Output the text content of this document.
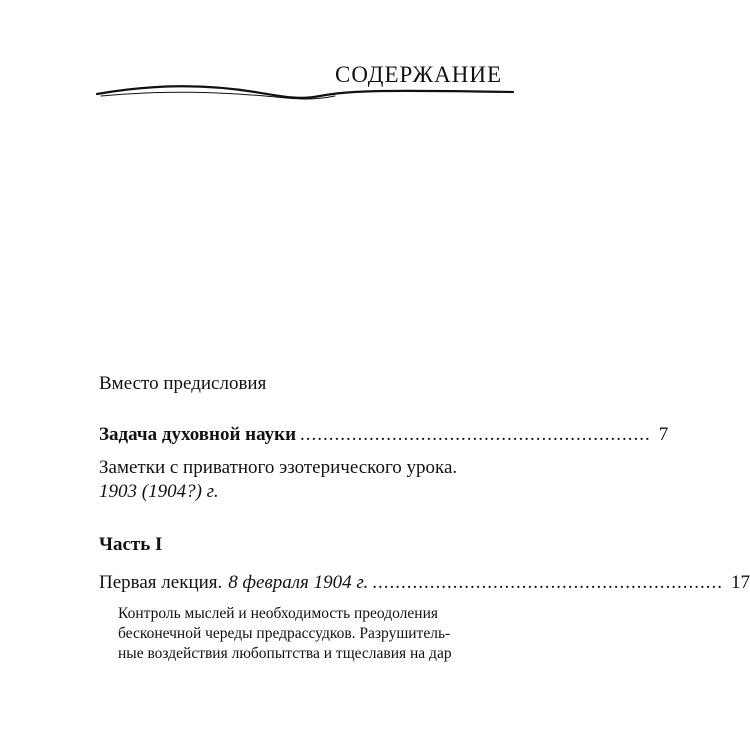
СОДЕРЖАНИЕ
Вместо предисловия
Задача духовной науки ............................................................. 7
Заметки с приватного эзотерического урока.
1903 (1904?) г.
Часть I
Первая лекция. 8 февраля 1904 г. ............................................................. 17
Контроль мыслей и необходимость преодоления
бесконечной череды предрассудков. Разрушитель-
ные воздействия любопытства и тщеславия на дар
